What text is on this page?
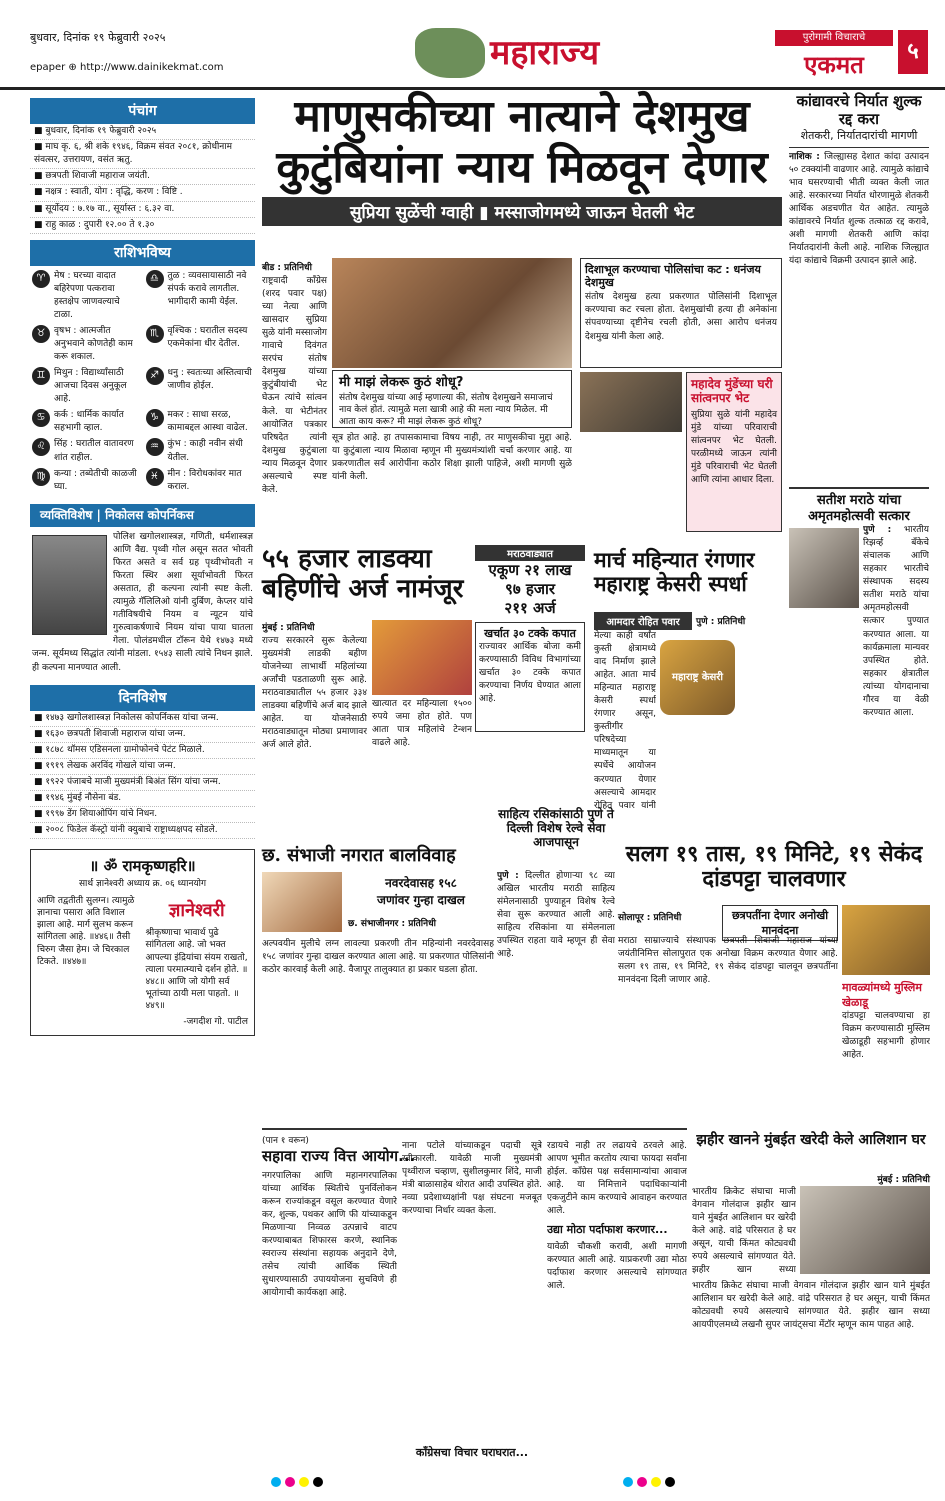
बुधवार, दिनांक १९ फेब्रुवारी २०२५
epaper ⊕ http://www.dainikekmat.com	महाराज्य	पुरोगामी विचाराचे
एकमत	५
पंचांग
■ बुधवार, दिनांक १९ फेब्रुवारी २०२५
■ माघ कृ. ६, श्री शके १९४६, विक्रम संवत २०८१, क्रोधीनाम संवत्सर, उत्तरायण, वसंत ऋतु.
■ छत्रपती शिवाजी महाराज जयंती.
■ नक्षत्र : स्वाती, योग : वृद्धि, करण : विष्टि .
■ सूर्योदय : ७.१७ वा., सूर्यास्त : ६.३२ वा.
■ राहु काळ : दुपारी १२.०० ते १.३०
राशिभविष्य
♈ मेष : घरच्या वादात बहिरेपणा पत्करावा हस्तक्षेप जाणवल्याचे टाळा.
♎ तुळ : व्यवसायासाठी नवे संपर्क करावे लागतील. भागीदारी कामी येईल.
♉ वृषभ : आत्मजीत अनुभवाने कोणतेही काम करू शकाल.
♏ वृश्चिक : घरातील सदस्य एकमेकांना धीर देतील.
♊ मिथुन : विद्यार्थ्यांसाठी आजचा दिवस अनुकूल आहे.
♐ धनु : स्वतःच्या अस्तित्वाची जाणीव होईल.
♋ कर्क : धार्मिक कार्यात सहभागी व्हाल.
♑ मकर : साधा सरळ, कामाबद्दल आस्था वाढेल.
♌ सिंह : घरातील वातावरण शांत राहील.
♒ कुंभ : काही नवीन संधी येतील.
♍ कन्या : तब्येतीची काळजी घ्या.
♓ मीन : विरोधकांवर मात कराल.
व्यक्तिविशेष | निकोलस कोपर्निकस
पोलिश खगोलशास्त्रज्ञ, गणिती, धर्मशास्त्रज्ञ आणि वैद्य. पृथ्वी गोल असून सतत भोवती फिरत असते व सर्व ग्रह पृथ्वीभोवती न फिरता स्थिर अशा सूर्याभोवती फिरत असतात, ही कल्पना त्यांनी स्पष्ट केली. त्यामुळे गॅलिलिओ यांनी दुर्बिण, केप्लर यांचे गतीविषयीचे नियम व न्यूटन यांचे गुरुत्वाकर्षणाचे नियम यांचा पाया घातला गेला. पोलंडमधील टॉरून येथे १४७३ मध्ये जन्म. सूर्यमध्य सिद्धांत त्यांनी मांडला. १५४३ साली त्यांचे निधन झाले. ही कल्पना मानण्यात आली.
दिनविशेष
■ १४७३ खगोलशास्त्रज्ञ निकोलस कोपर्निकस यांचा जन्म.
■ १६३० छत्रपती शिवाजी महाराज यांचा जन्म.
■ १८७८ थॉमस एडिसनला ग्रामोफोनचे पेटंट मिळाले.
■ १९१९ लेखक अरविंद गोखले यांचा जन्म.
■ १९२२ पंजाबचे माजी मुख्यमंत्री बिअंत सिंग यांचा जन्म.
■ १९४६ मुंबई नौसेना बंड.
■ १९९७ डेंग शियाओपिंग यांचे निधन.
■ २००८ फिडेल कॅस्ट्रो यांनी क्युबाचे राष्ट्राध्यक्षपद सोडले.
॥ ॐ रामकृष्णहरि॥
सार्थ ज्ञानेश्वरी अध्याय क्र. ०६ ध्यानयोग
आणि तद्वतीती सुलग्न। त्यामुळे ज्ञानाचा पसारा अति विशाल झाला आहे. मार्ग सुलभ करून सांगितला आहे. ॥४४६॥ तैसी चिरुग जैसा हेम। जे चिरकाल टिकते. ॥४४७॥
ज्ञानेश्वरी
श्रीकृष्णाचा भावार्थ पुढे सांगितला आहे. जो भक्त आपल्या इंद्रियांचा संयम राखतो, त्याला परमात्म्याचे दर्शन होते. ॥४४८॥ आणि जो योगी सर्व भूतांच्या ठायी मला पाहतो. ॥४४९॥
-जगदीश गो. पाटील
माणुसकीच्या नात्याने देशमुख कुटुंबियांना न्याय मिळवून देणार
सुप्रिया सुळेंची ग्वाही ▮ मस्साजोगमध्ये जाऊन घेतली भेट
बीड : प्रतिनिधी
राष्ट्रवादी काँग्रेस (शरद पवार पक्ष) च्या नेत्या आणि खासदार सुप्रिया सुळे यांनी मस्साजोग गावाचे दिवंगत सरपंच संतोष देशमुख यांच्या कुटुंबीयांची भेट घेऊन त्यांचे सांत्वन केले. या भेटीनंतर आयोजित पत्रकार परिषदेत त्यांनी देशमुख कुटुंबाला न्याय मिळवून देणार असल्याचे स्पष्ट केले.
मी माझं लेकरू कुठं शोधू?
संतोष देशमुख यांच्या आई म्हणाल्या की, संतोष देशमुखने समाजाचं नाव केलं होतं. त्यामुळे मला खात्री आहे की मला न्याय मिळेल. मी आता काय करू? मी माझं लेकरू कुठं शोधू?
सूत्र होत आहे. हा तपासकामाचा विषय नाही, तर माणुसकीचा मुद्दा आहे. या कुटुंबाला न्याय मिळावा म्हणून मी मुख्यमंत्र्यांशी चर्चा करणार आहे. या प्रकरणातील सर्व आरोपींना कठोर शिक्षा झाली पाहिजे, अशी मागणी सुळे यांनी केली.
दिशाभूल करण्याचा पोलिसांचा कट : धनंजय देशमुख
संतोष देशमुख हत्या प्रकरणात पोलिसांनी दिशाभूल करण्याचा कट रचला होता. देशमुखांची हत्या ही अनेकांना संपवण्याच्या दृष्टीनेच रचली होती, असा आरोप धनंजय देशमुख यांनी केला आहे.
महादेव मुंडेंच्या घरी सांत्वनपर भेट
सुप्रिया सुळे यांनी महादेव मुंडे यांच्या परिवाराची सांत्वनपर भेट घेतली. परळीमध्ये जाऊन त्यांनी मुंडे परिवाराची भेट घेतली आणि त्यांना आधार दिला.
कांद्यावरचे निर्यात शुल्क रद्द करा
शेतकरी, निर्यातदारांची मागणी
नाशिक : जिल्ह्यासह देशात कांदा उत्पादन ५० टक्क्यांनी वाढणार आहे. त्यामुळे कांद्याचे भाव घसरण्याची भीती व्यक्त केली जात आहे. सरकारच्या निर्यात धोरणामुळे शेतकरी आर्थिक अडचणीत येत आहेत. त्यामुळे कांद्यावरचे निर्यात शुल्क तत्काळ रद्द करावे, अशी मागणी शेतकरी आणि कांदा निर्यातदारांनी केली आहे. नाशिक जिल्ह्यात यंदा कांद्याचे विक्रमी उत्पादन झाले आहे.
सतीश मराठे यांचा अमृतमहोत्सवी सत्कार
पुणे : भारतीय रिझर्व्ह बँकेचे संचालक आणि सहकार भारतीचे संस्थापक सदस्य सतीश मराठे यांचा अमृतमहोत्सवी सत्कार पुण्यात करण्यात आला. या कार्यक्रमाला मान्यवर उपस्थित होते. सहकार क्षेत्रातील त्यांच्या योगदानाचा गौरव या वेळी करण्यात आला.
५५ हजार लाडक्या बहिणींचे अर्ज नामंजूर
मराठवाड्यात
एकूण २१ लाख
९७ हजार
२११ अर्ज
मुंबई : प्रतिनिधी
राज्य सरकारने सुरू केलेल्या मुख्यमंत्री लाडकी बहीण योजनेच्या लाभार्थी महिलांच्या अर्जांची पडताळणी सुरू आहे. मराठवाड्यातील ५५ हजार ३३४ लाडक्या बहिणींचे अर्ज बाद झाले आहेत. या योजनेसाठी मराठवाड्यातून मोठ्या प्रमाणावर अर्ज आले होते.
खात्यात दर महिन्याला १५०० रुपये जमा होत होते. पण आता पात्र महिलांचे टेन्शन वाढले आहे.
खर्चात ३० टक्के कपात
राज्यावर आर्थिक बोजा कमी करण्यासाठी विविध विभागांच्या खर्चात ३० टक्के कपात करण्याचा निर्णय घेण्यात आला आहे.
मार्च महिन्यात रंगणार महाराष्ट्र केसरी स्पर्धा
आमदार रोहित पवार	पुणे : प्रतिनिधी
महाराष्ट्र केसरी
मेल्या काही वर्षांत कुस्ती क्षेत्रामध्ये वाद निर्माण झाले आहेत. आता मार्च महिन्यात महाराष्ट्र केसरी स्पर्धा रंगणार असून, कुस्तीगीर परिषदेच्या माध्यमातून या स्पर्धेचे आयोजन करण्यात येणार असल्याचे आमदार रोहित पवार यांनी
छ. संभाजी नगरात बालविवाह
नवरदेवासह १५८
जणांवर गुन्हा दाखल
छ. संभाजीनगर : प्रतिनिधी
अल्पवयीन मुलीचे लग्न लावल्या प्रकरणी तीन महिन्यांनी नवरदेवासह १५८ जणांवर गुन्हा दाखल करण्यात आला आहे. या प्रकरणात पोलिसांनी कठोर कारवाई केली आहे. वैजापूर तालुक्यात हा प्रकार घडला होता.
साहित्य रसिकांसाठी पुणे ते दिल्ली विशेष रेल्वे सेवा आजपासून
पुणे : दिल्लीत होणाऱ्या ९८ व्या अखिल भारतीय मराठी साहित्य संमेलनासाठी पुण्याहून विशेष रेल्वे सेवा सुरू करण्यात आली आहे. साहित्य रसिकांना या संमेलनाला उपस्थित राहता यावे म्हणून ही सेवा आहे.
सलग १९ तास, १९ मिनिटे, १९ सेकंद दांडपट्टा चालवणार
सोलापूर : प्रतिनिधी	छत्रपतींना देणार अनोखी मानवंदना
मराठा साम्राज्याचे संस्थापक छत्रपती शिवाजी महाराज यांच्या जयंतीनिमित्त सोलापुरात एक अनोखा विक्रम करण्यात येणार आहे. सलग १९ तास, १९ मिनिटे, १९ सेकंद दांडपट्टा चालवून छत्रपतींना मानवंदना दिली जाणार आहे.
मावळ्यांमध्ये मुस्लिम खेळाडू
दांडपट्टा चालवण्याचा हा विक्रम करण्यासाठी मुस्लिम खेळाडूही सहभागी होणार आहेत.
(पान १ वरून)
सहावा राज्य वित्त आयोग...
नगरपालिका आणि महानगरपालिका यांच्या आर्थिक स्थितीचे पुनर्विलोकन करून राज्यांकडून वसूल करण्यात येणारे कर, शुल्क, पथकर आणि फी यांच्याकडून मिळणाऱ्या निव्वळ उत्पन्नाचे वाटप करण्याबाबत शिफारस करणे, स्थानिक स्वराज्य संस्थांना सहायक अनुदाने देणे, तसेच त्यांची आर्थिक स्थिती सुधारण्यासाठी उपाययोजना सुचविणे ही आयोगाची कार्यकक्षा आहे.
नाना पटोले यांच्याकडून पदाची सूत्रे स्वीकारली. यावेळी माजी मुख्यमंत्री पृथ्वीराज चव्हाण, सुशीलकुमार शिंदे, माजी मंत्री बाळासाहेब थोरात आदी उपस्थित होते. नव्या प्रदेशाध्यक्षांनी पक्ष संघटना मजबूत करण्याचा निर्धार व्यक्त केला.
काँग्रेसचा विचार घराघरात...
रडायचे नाही तर लढायचे ठरवले आहे. आपण भूमीत करतोय त्याचा फायदा सर्वांना होईल. काँग्रेस पक्ष सर्वसामान्यांचा आवाज आहे. या निमित्ताने पदाधिकाऱ्यांनी एकजुटीने काम करण्याचे आवाहन करण्यात आले.
उद्या मोठा पर्दाफाश करणार...
यावेळी चौकशी करावी, अशी मागणी करण्यात आली आहे. याप्रकरणी उद्या मोठा पर्दाफाश करणार असल्याचे सांगण्यात आले.
झहीर खानने मुंबईत खरेदी केले आलिशान घर
मुंबई : प्रतिनिधी
भारतीय क्रिकेट संघाचा माजी वेगवान गोलंदाज झहीर खान याने मुंबईत आलिशान घर खरेदी केले आहे. वांद्रे परिसरात हे घर असून, याची किंमत कोट्यवधी रुपये असल्याचे सांगण्यात येते. झहीर खान सध्या
भारतीय क्रिकेट संघाचा माजी वेगवान गोलंदाज झहीर खान याने मुंबईत आलिशान घर खरेदी केले आहे. वांद्रे परिसरात हे घर असून, याची किंमत कोट्यवधी रुपये असल्याचे सांगण्यात येते. झहीर खान सध्या आयपीएलमध्ये लखनौ सुपर जायंट्सचा मेंटॉर म्हणून काम पाहत आहे.
